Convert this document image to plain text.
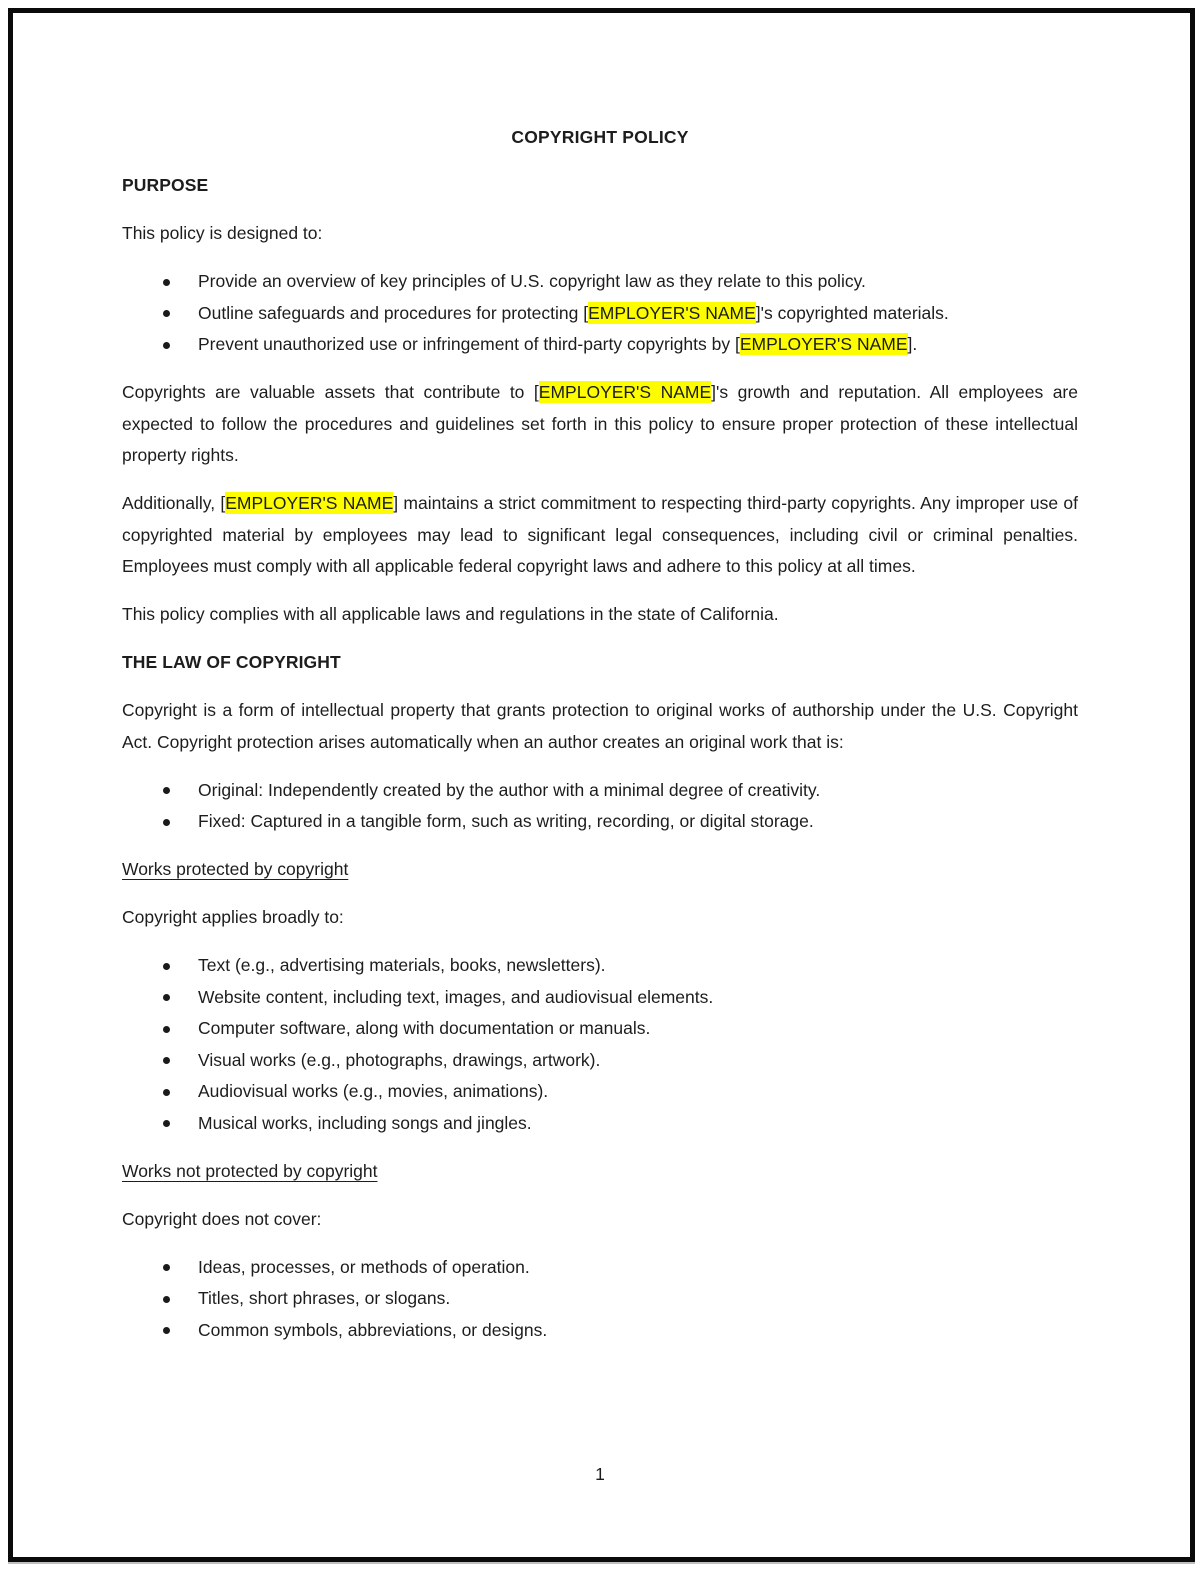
COPYRIGHT POLICY
PURPOSE
This policy is designed to:
Provide an overview of key principles of U.S. copyright law as they relate to this policy.
Outline safeguards and procedures for protecting [EMPLOYER'S NAME]'s copyrighted materials.
Prevent unauthorized use or infringement of third-party copyrights by [EMPLOYER'S NAME].
Copyrights are valuable assets that contribute to [EMPLOYER'S NAME]'s growth and reputation. All employees are expected to follow the procedures and guidelines set forth in this policy to ensure proper protection of these intellectual property rights.
Additionally, [EMPLOYER'S NAME] maintains a strict commitment to respecting third-party copyrights. Any improper use of copyrighted material by employees may lead to significant legal consequences, including civil or criminal penalties. Employees must comply with all applicable federal copyright laws and adhere to this policy at all times.
This policy complies with all applicable laws and regulations in the state of California.
THE LAW OF COPYRIGHT
Copyright is a form of intellectual property that grants protection to original works of authorship under the U.S. Copyright Act. Copyright protection arises automatically when an author creates an original work that is:
Original: Independently created by the author with a minimal degree of creativity.
Fixed: Captured in a tangible form, such as writing, recording, or digital storage.
Works protected by copyright
Copyright applies broadly to:
Text (e.g., advertising materials, books, newsletters).
Website content, including text, images, and audiovisual elements.
Computer software, along with documentation or manuals.
Visual works (e.g., photographs, drawings, artwork).
Audiovisual works (e.g., movies, animations).
Musical works, including songs and jingles.
Works not protected by copyright
Copyright does not cover:
Ideas, processes, or methods of operation.
Titles, short phrases, or slogans.
Common symbols, abbreviations, or designs.
1
